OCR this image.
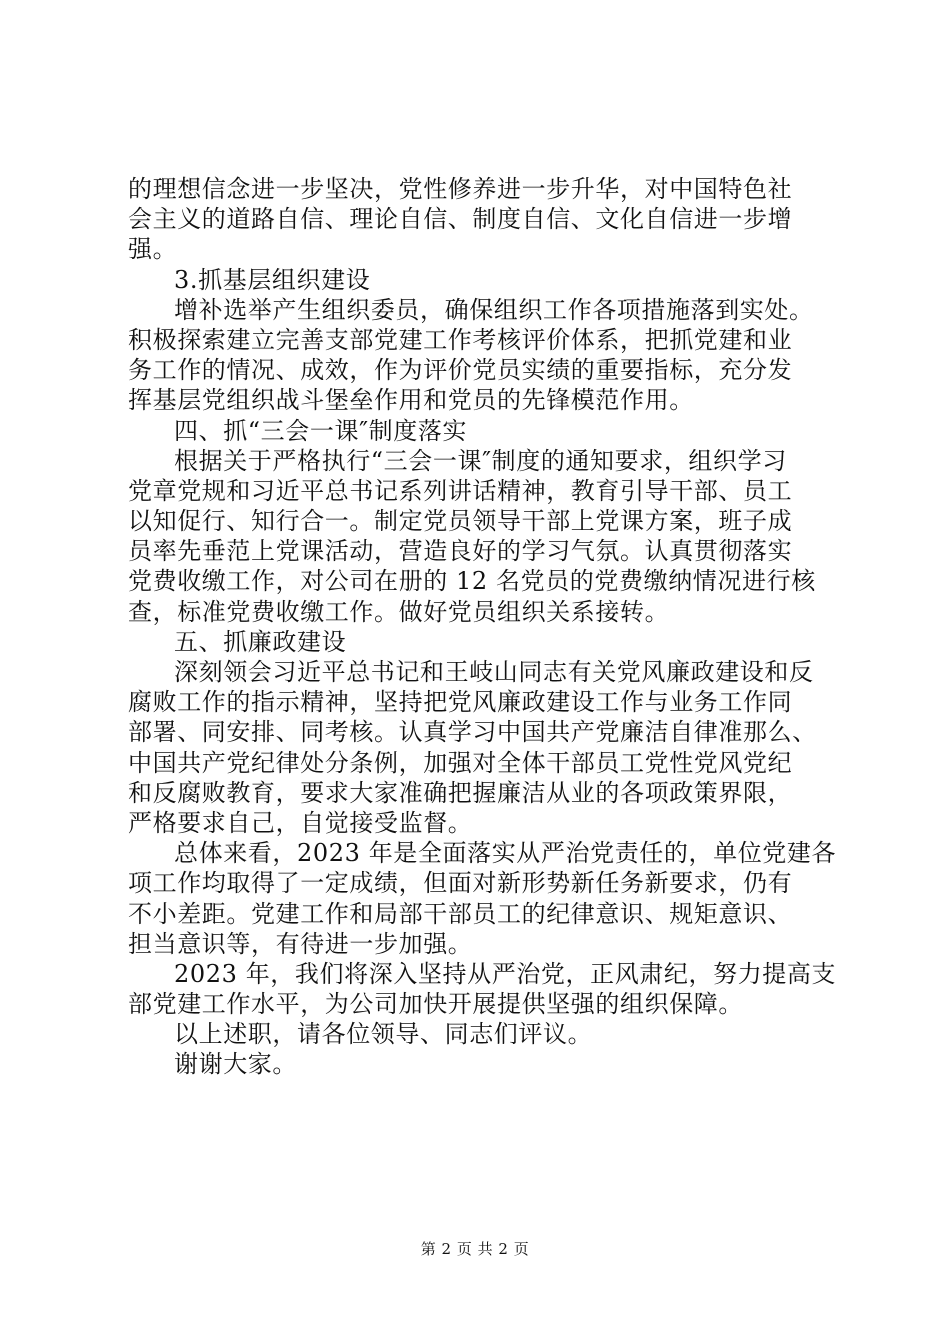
的理想信念进一步坚决，党性修养进一步升华，对中国特色社
会主义的道路自信、理论自信、制度自信、文化自信进一步增
强。
3.抓基层组织建设
增补选举产生组织委员，确保组织工作各项措施落到实处。
积极探索建立完善支部党建工作考核评价体系，把抓党建和业
务工作的情况、成效，作为评价党员实绩的重要指标，充分发
挥基层党组织战斗堡垒作用和党员的先锋模范作用。
四、抓“三会一课″制度落实
根据关于严格执行“三会一课″制度的通知要求，组织学习
党章党规和习近平总书记系列讲话精神，教育引导干部、员工
以知促行、知行合一。制定党员领导干部上党课方案，班子成
员率先垂范上党课活动，营造良好的学习气氛。认真贯彻落实
党费收缴工作，对公司在册的 12 名党员的党费缴纳情况进行核
查，标准党费收缴工作。做好党员组织关系接转。
五、抓廉政建设
深刻领会习近平总书记和王岐山同志有关党风廉政建设和反
腐败工作的指示精神，坚持把党风廉政建设工作与业务工作同
部署、同安排、同考核。认真学习中国共产党廉洁自律准那么、
中国共产党纪律处分条例，加强对全体干部员工党性党风党纪
和反腐败教育，要求大家准确把握廉洁从业的各项政策界限，
严格要求自己，自觉接受监督。
总体来看，2023 年是全面落实从严治党责任的，单位党建各
项工作均取得了一定成绩，但面对新形势新任务新要求，仍有
不小差距。党建工作和局部干部员工的纪律意识、规矩意识、
担当意识等，有待进一步加强。
2023 年，我们将深入坚持从严治党，正风肃纪，努力提高支
部党建工作水平，为公司加快开展提供坚强的组织保障。
以上述职，请各位领导、同志们评议。
谢谢大家。
第 2 页 共 2 页
